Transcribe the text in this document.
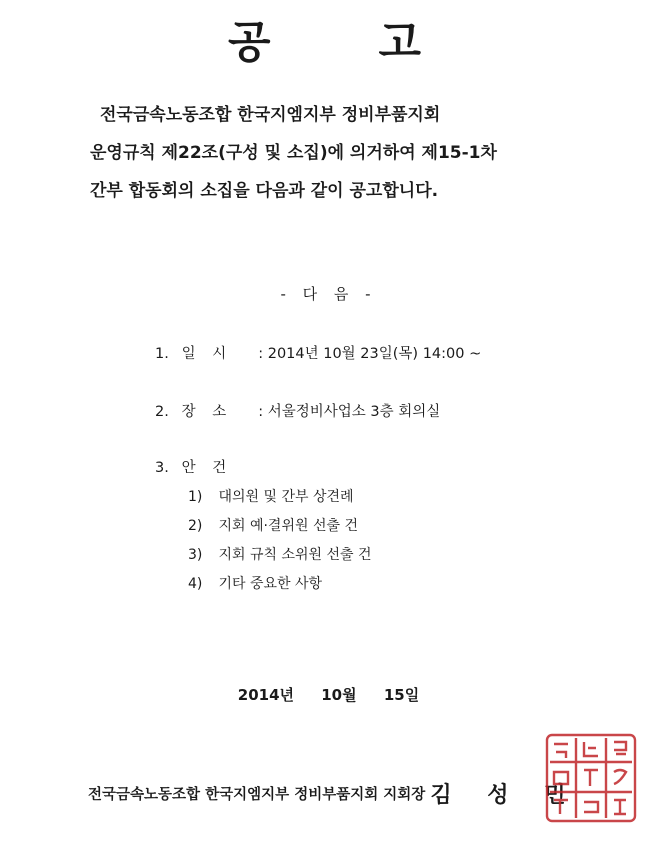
공 고
전국금속노동조합 한국지엠지부 정비부품지회
운영규칙 제22조(구성 및 소집)에 의거하여 제15-1차
간부 합동회의 소집을 다음과 같이 공고합니다.
- 다 음 -
1. 일 시 : 2014년 10월 23일(목) 14:00 ~
2. 장 소 : 서울정비사업소 3층 회의실
3. 안 건
1) 대의원 및 간부 상견례
2) 지회 예·결위원 선출 건
3) 지회 규칙 소위원 선출 건
4) 기타 중요한 사항
2014년 10월 15일
전국금속노동조합 한국지엠지부 정비부품지회 지회장 김 성 민
